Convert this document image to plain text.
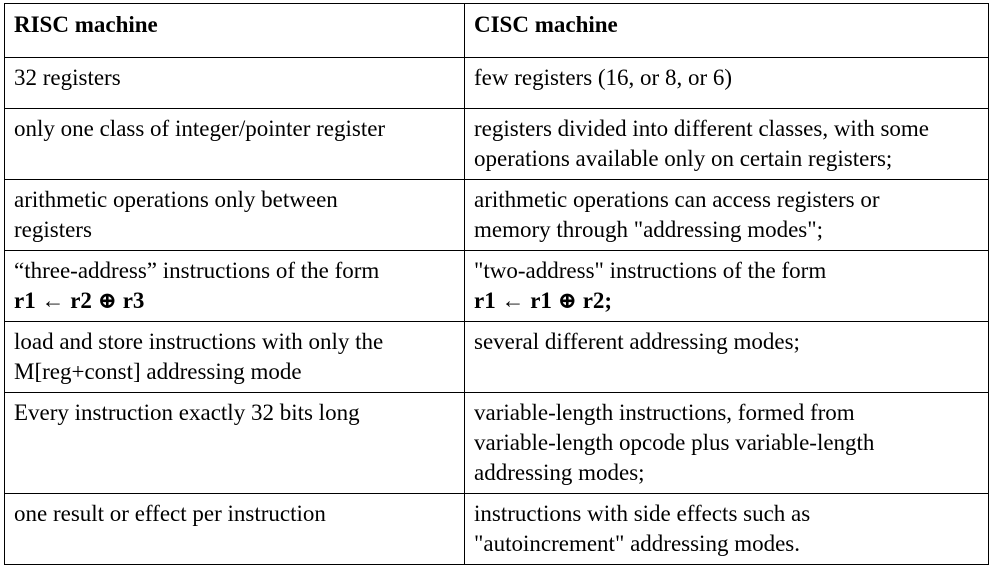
RISC machine	CISC machine

32 registers	few registers (16, or 8, or 6)

only one class of integer/pointer register	registers divided into different classes, with some
operations available only on certain registers;

arithmetic operations only between
registers	arithmetic operations can access registers or
memory through "addressing modes";

“three-address” instructions of the form
r1 ← r2 ⊕ r3	"two-address" instructions of the form
r1 ← r1 ⊕ r2;

load and store instructions with only the
M[reg+const] addressing mode	several different addressing modes;

Every instruction exactly 32 bits long	variable-length instructions, formed from
variable-length opcode plus variable-length
addressing modes;

one result or effect per instruction	instructions with side effects such as
"autoincrement" addressing modes.
